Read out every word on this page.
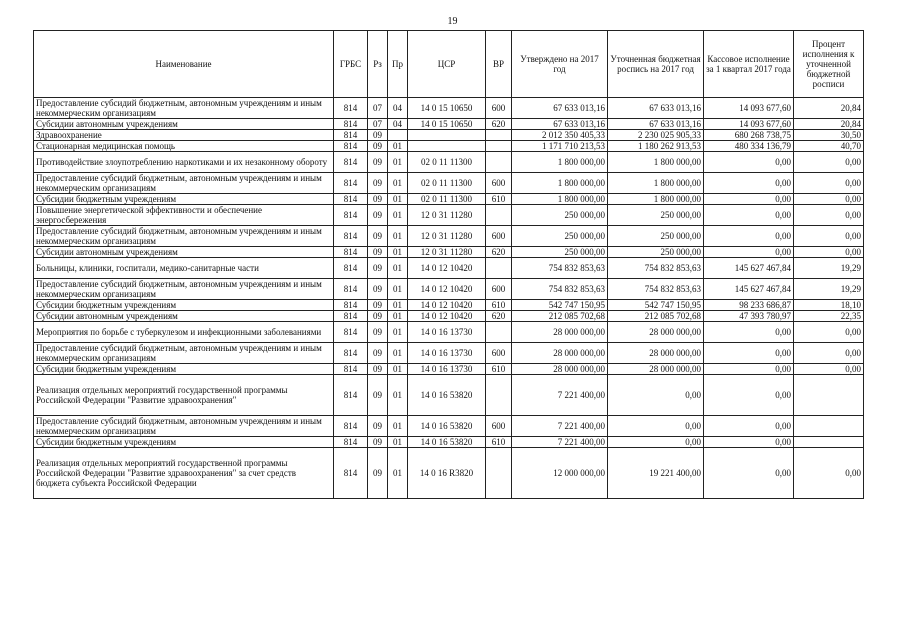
19
Наименование	ГРБС	Рз	Пр	ЦСР	ВР	Утверждено на 2017 год	Уточненная бюджетная роспись на 2017 год	Кассовое исполнение за 1 квартал 2017 года	Процент исполнения к уточненной бюджетной росписи
Предоставление субсидий бюджетным, автономным учреждениям и иным некоммерческим организациям	814	07	04	14 0 15 10650	600	67 633 013,16	67 633 013,16	14 093 677,60	20,84
Субсидии автономным учреждениям	814	07	04	14 0 15 10650	620	67 633 013,16	67 633 013,16	14 093 677,60	20,84
Здравоохранение	814	09				2 012 350 405,33	2 230 025 905,33	680 268 738,75	30,50
Стационарная медицинская помощь	814	09	01			1 171 710 213,53	1 180 262 913,53	480 334 136,79	40,70
Противодействие злоупотреблению наркотиками и их незаконному обороту	814	09	01	02 0 11 11300		1 800 000,00	1 800 000,00	0,00	0,00
Предоставление субсидий бюджетным, автономным учреждениям и иным некоммерческим организациям	814	09	01	02 0 11 11300	600	1 800 000,00	1 800 000,00	0,00	0,00
Субсидии бюджетным учреждениям	814	09	01	02 0 11 11300	610	1 800 000,00	1 800 000,00	0,00	0,00
Повышение энергетической эффективности и обеспечение энергосбережения	814	09	01	12 0 31 11280		250 000,00	250 000,00	0,00	0,00
Предоставление субсидий бюджетным, автономным учреждениям и иным некоммерческим организациям	814	09	01	12 0 31 11280	600	250 000,00	250 000,00	0,00	0,00
Субсидии автономным учреждениям	814	09	01	12 0 31 11280	620	250 000,00	250 000,00	0,00	0,00
Больницы, клиники, госпитали, медико-санитарные части	814	09	01	14 0 12 10420		754 832 853,63	754 832 853,63	145 627 467,84	19,29
Предоставление субсидий бюджетным, автономным учреждениям и иным некоммерческим организациям	814	09	01	14 0 12 10420	600	754 832 853,63	754 832 853,63	145 627 467,84	19,29
Субсидии бюджетным учреждениям	814	09	01	14 0 12 10420	610	542 747 150,95	542 747 150,95	98 233 686,87	18,10
Субсидии автономным учреждениям	814	09	01	14 0 12 10420	620	212 085 702,68	212 085 702,68	47 393 780,97	22,35
Мероприятия по борьбе с туберкулезом и инфекционными заболеваниями	814	09	01	14 0 16 13730		28 000 000,00	28 000 000,00	0,00	0,00
Предоставление субсидий бюджетным, автономным учреждениям и иным некоммерческим организациям	814	09	01	14 0 16 13730	600	28 000 000,00	28 000 000,00	0,00	0,00
Субсидии бюджетным учреждениям	814	09	01	14 0 16 13730	610	28 000 000,00	28 000 000,00	0,00	0,00
Реализация отдельных мероприятий государственной программы Российской Федерации "Развитие здравоохранения"	814	09	01	14 0 16 53820		7 221 400,00	0,00	0,00	
Предоставление субсидий бюджетным, автономным учреждениям и иным некоммерческим организациям	814	09	01	14 0 16 53820	600	7 221 400,00	0,00	0,00	
Субсидии бюджетным учреждениям	814	09	01	14 0 16 53820	610	7 221 400,00	0,00	0,00	
Реализация отдельных мероприятий государственной программы Российской Федерации "Развитие здравоохранения" за счет средств бюджета субъекта Российской Федерации	814	09	01	14 0 16 R3820		12 000 000,00	19 221 400,00	0,00	0,00
